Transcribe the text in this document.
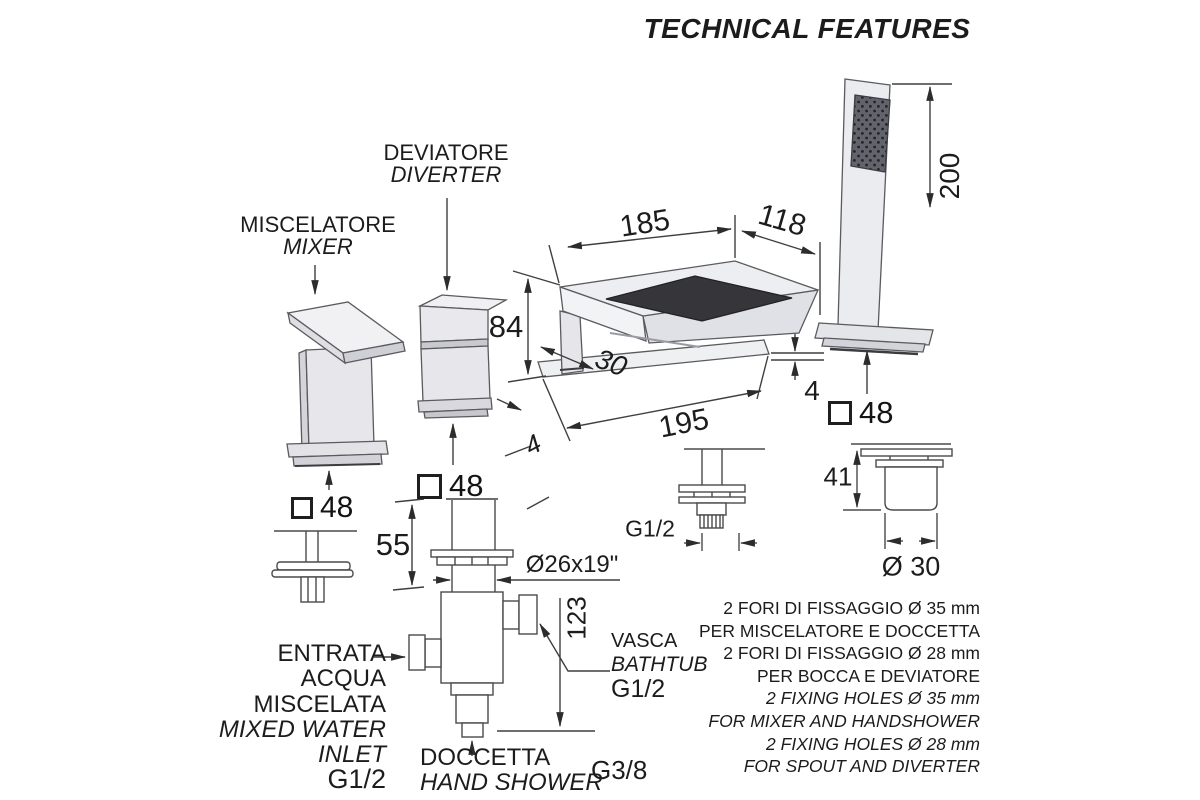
TECHNICAL FEATURES
DEVIATORE
DIVERTER
MISCELATORE
MIXER
185	118
200
84
30
195
4
4
55
Ø26x19"
123
G1/2
41
Ø 30
48
48
48
ENTRATA
ACQUA
MISCELATA
MIXED WATER
INLET
G1/2
DOCCETTA
HAND SHOWER
G3/8
VASCA
BATHTUB
G1/2
2 FORI DI FISSAGGIO Ø 35 mm
PER MISCELATORE E DOCCETTA
2 FORI DI FISSAGGIO Ø 28 mm
PER BOCCA E DEVIATORE
2 FIXING HOLES Ø 35 mm
FOR MIXER AND HANDSHOWER
2 FIXING HOLES Ø 28 mm
FOR SPOUT AND DIVERTER
